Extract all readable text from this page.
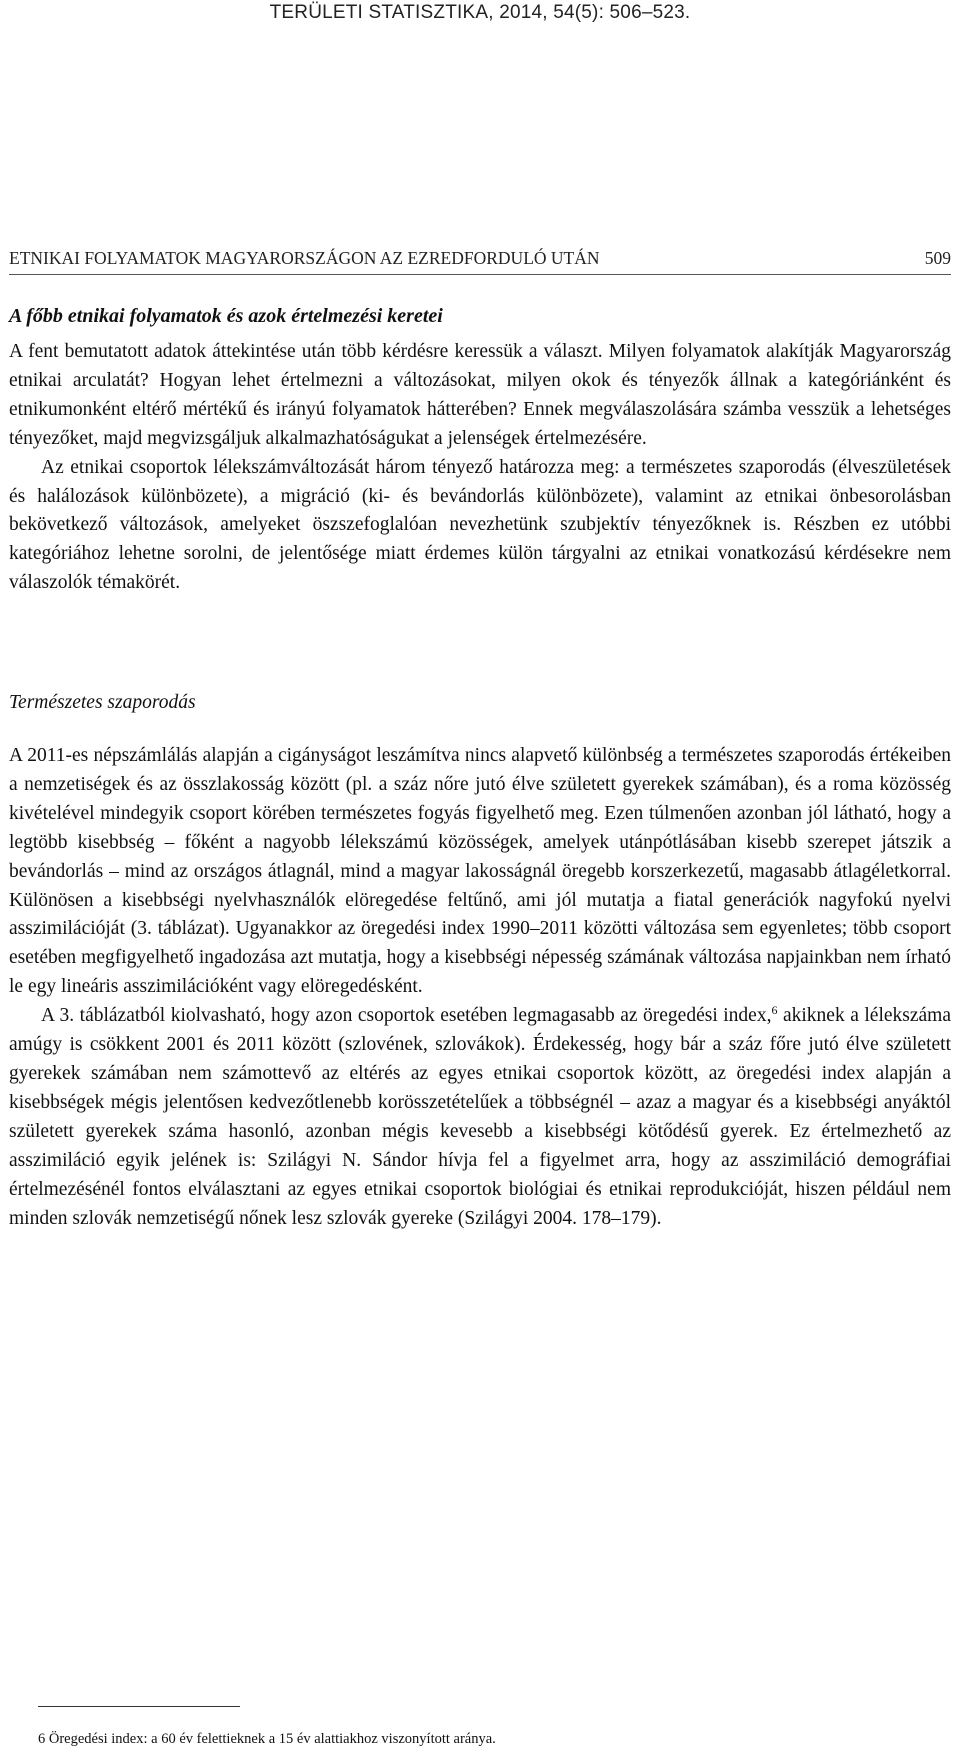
TERÜLETI STATISZTIKA, 2014, 54(5): 506–523.
ETNIKAI FOLYAMATOK MAGYARORSZÁGON AZ EZREDFORDULÓ UTÁN	509
A főbb etnikai folyamatok és azok értelmezési keretei

A fent bemutatott adatok áttekintése után több kérdésre keressük a választ. Milyen folyamatok alakítják Magyarország etnikai arculatát? Hogyan lehet értelmezni a változásokat, milyen okok és tényezők állnak a kategóriánként és etnikumonként eltérő mértékű és irányú folyamatok hátterében? Ennek megválaszolására számba vesszük a lehetséges tényezőket, majd megvizsgáljuk alkalmazhatóságukat a jelenségek értelmezésére.

Az etnikai csoportok lélekszámváltozását három tényező határozza meg: a természetes szaporodás (élveszületések és halálozások különbözete), a migráció (ki- és bevándorlás különbözete), valamint az etnikai önbesorolásban bekövetkező változások, amelyeket öszszefoglalóan nevezhetünk szubjektív tényezőknek is. Részben ez utóbbi kategóriához lehetne sorolni, de jelentősége miatt érdemes külön tárgyalni az etnikai vonatkozású kérdésekre nem válaszolók témakörét.

Természetes szaporodás

A 2011-es népszámlálás alapján a cigányságot leszámítva nincs alapvető különbség a természetes szaporodás értékeiben a nemzetiségek és az összlakosság között (pl. a száz nőre jutó élve született gyerekek számában), és a roma közösség kivételével mindegyik csoport körében természetes fogyás figyelhető meg. Ezen túlmenően azonban jól látható, hogy a legtöbb kisebbség – főként a nagyobb lélekszámú közösségek, amelyek utánpótlásában kisebb szerepet játszik a bevándorlás – mind az országos átlagnál, mind a magyar lakosságnál öregebb korszerkezetű, magasabb átlagéletkorral. Különösen a kisebbségi nyelvhasználók elöregedése feltűnő, ami jól mutatja a fiatal generációk nagyfokú nyelvi asszimilációját (3. táblázat). Ugyanakkor az öregedési index 1990–2011 közötti változása sem egyenletes; több csoport esetében megfigyelhető ingadozása azt mutatja, hogy a kisebbségi népesség számának változása napjainkban nem írható le egy lineáris asszimilációként vagy elöregedésként.

A 3. táblázatból kiolvasható, hogy azon csoportok esetében legmagasabb az öregedési index,$^6$ akiknek a lélekszáma amúgy is csökkent 2001 és 2011 között (szlovének, szlovákok). Érdekesség, hogy bár a száz főre jutó élve született gyerekek számában nem számottevő az eltérés az egyes etnikai csoportok között, az öregedési index alapján a kisebbségek mégis jelentősen kedvezőtlenebb korösszetételűek a többségnél – azaz a magyar és a kisebbségi anyáktól született gyerekek száma hasonló, azonban mégis kevesebb a kisebbségi kötődésű gyerek. Ez értelmezhető az asszimiláció egyik jelének is: Szilágyi N. Sándor hívja fel a figyelmet arra, hogy az asszimiláció demográfiai értelmezésénél fontos elválasztani az egyes etnikai csoportok biológiai és etnikai reprodukcióját, hiszen például nem minden szlovák nemzetiségű nőnek lesz szlovák gyereke (Szilágyi 2004. 178–179).

6 Öregedési index: a 60 év felettieknek a 15 év alattiakhoz viszonyított aránya.
